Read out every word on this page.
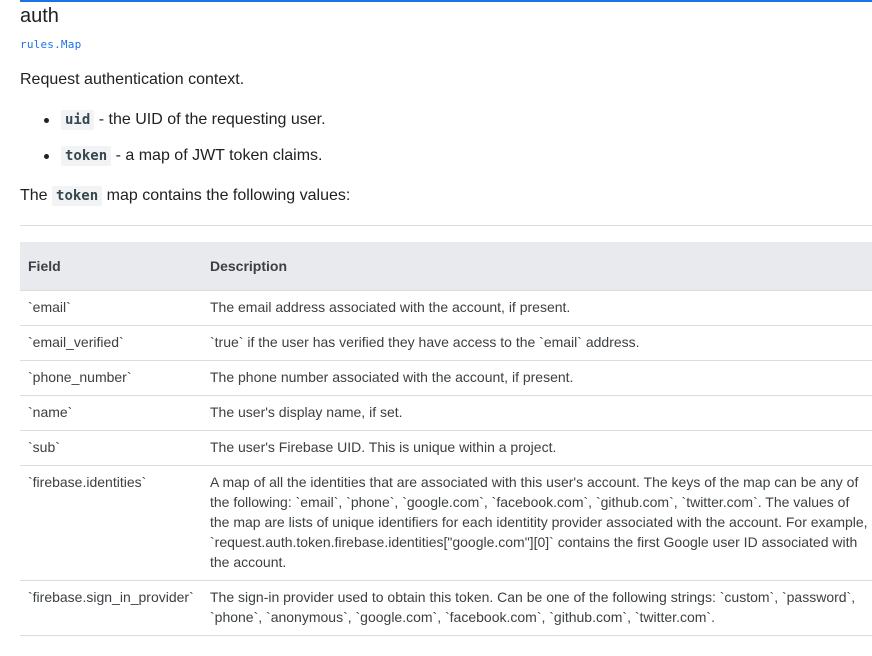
auth
rules.Map

Request authentication context.

uid - the UID of the requesting user.
token - a map of JWT token claims.

The token map contains the following values:

Field	Description
`email`	The email address associated with the account, if present.
`email_verified`	`true` if the user has verified they have access to the `email` address.
`phone_number`	The phone number associated with the account, if present.
`name`	The user's display name, if set.
`sub`	The user's Firebase UID. This is unique within a project.
`firebase.identities`	A map of all the identities that are associated with this user's account. The keys of the map can be any of the following: `email`, `phone`, `google.com`, `facebook.com`, `github.com`, `twitter.com`. The values of the map are lists of unique identifiers for each identitity provider associated with the account. For example, `request.auth.token.firebase.identities["google.com"][0]` contains the first Google user ID associated with the account.
`firebase.sign_in_provider`	The sign-in provider used to obtain this token. Can be one of the following strings: `custom`, `password`, `phone`, `anonymous`, `google.com`, `facebook.com`, `github.com`, `twitter.com`.
